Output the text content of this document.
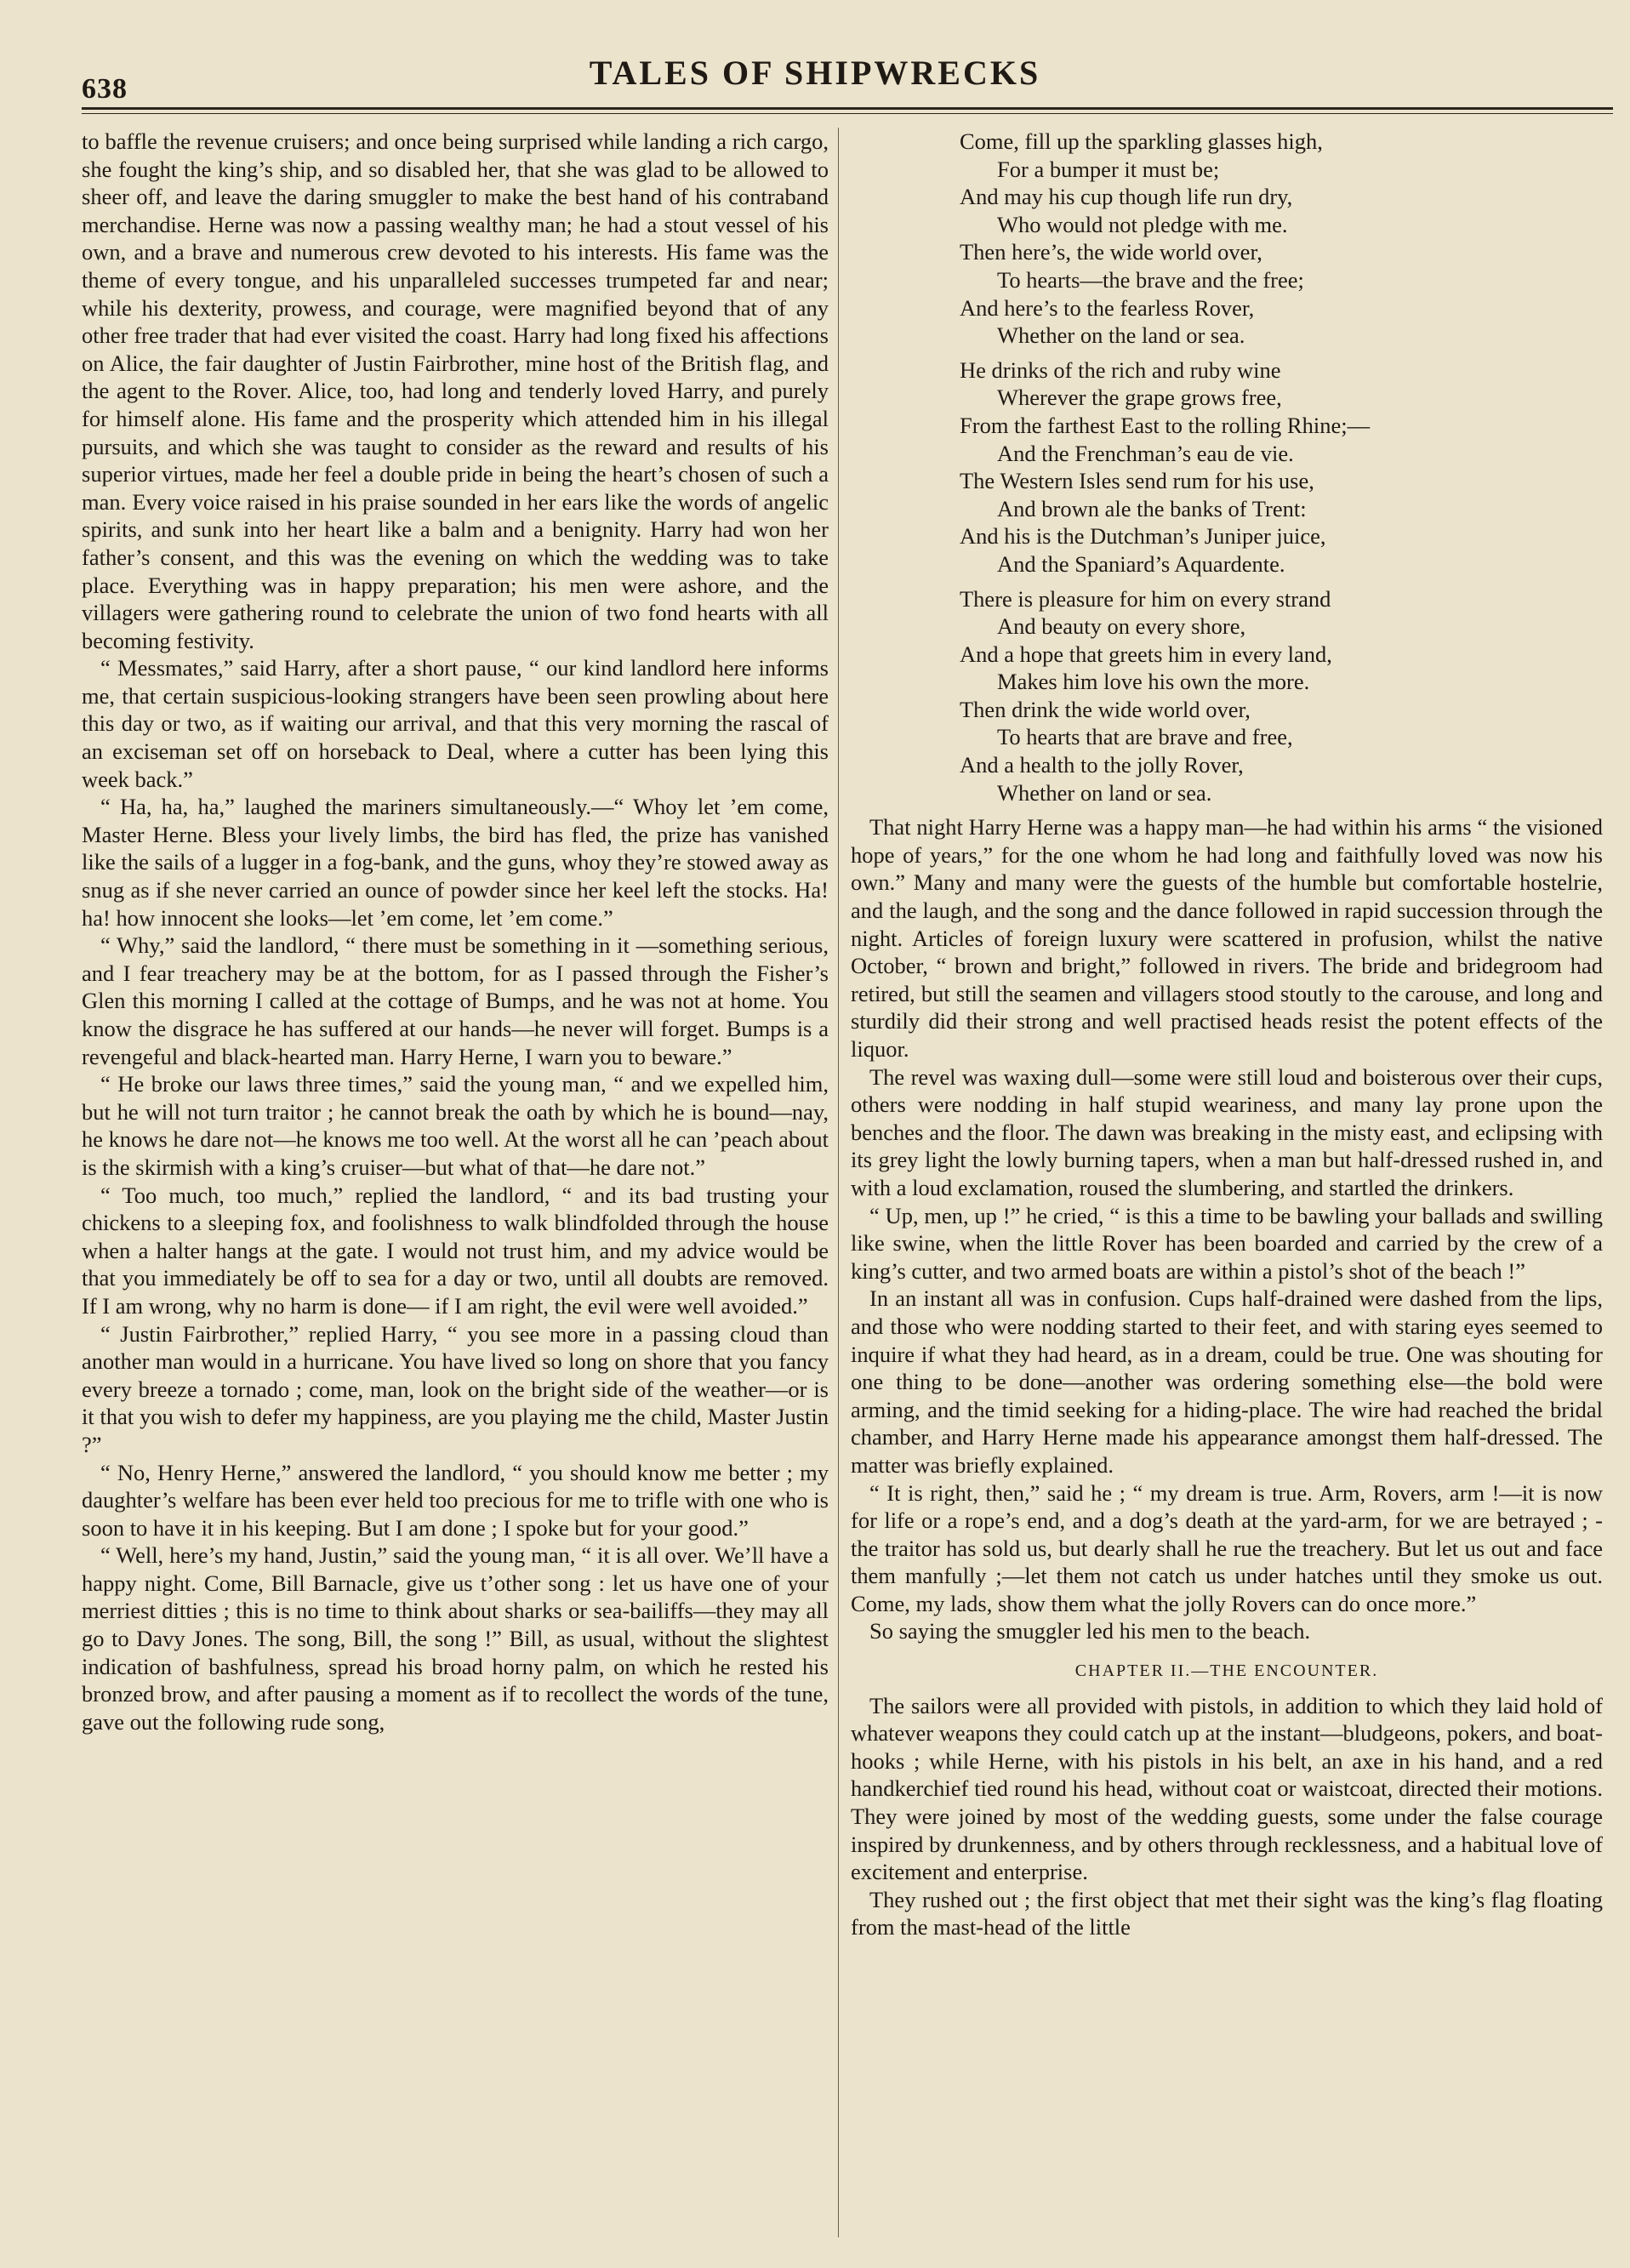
638	TALES OF SHIPWRECKS

to baffle the revenue cruisers; and once being surprised while landing a rich cargo, she fought the king’s ship, and so disabled her, that she was glad to be allowed to sheer off, and leave the daring smuggler to make the best hand of his contraband merchandise. Herne was now a passing wealthy man; he had a stout vessel of his own, and a brave and numerous crew devoted to his interests. His fame was the theme of every tongue, and his unparalleled successes trumpeted far and near; while his dexterity, prowess, and courage, were magnified beyond that of any other free trader that had ever visited the coast. Harry had long fixed his affections on Alice, the fair daughter of Justin Fairbrother, mine host of the British flag, and the agent to the Rover. Alice, too, had long and tenderly loved Harry, and purely for himself alone. His fame and the prosperity which attended him in his illegal pursuits, and which she was taught to consider as the reward and results of his superior virtues, made her feel a double pride in being the heart’s chosen of such a man. Every voice raised in his praise sounded in her ears like the words of angelic spirits, and sunk into her heart like a balm and a benignity. Harry had won her father’s consent, and this was the evening on which the wedding was to take place. Everything was in happy preparation; his men were ashore, and the villagers were gathering round to celebrate the union of two fond hearts with all becoming festivity.

“ Messmates,” said Harry, after a short pause, “ our kind landlord here informs me, that certain suspicious-looking strangers have been seen prowling about here this day or two, as if waiting our arrival, and that this very morning the rascal of an exciseman set off on horseback to Deal, where a cutter has been lying this week back.”

“ Ha, ha, ha,” laughed the mariners simultaneously.—“ Whoy let ’em come, Master Herne. Bless your lively limbs, the bird has fled, the prize has vanished like the sails of a lugger in a fog-bank, and the guns, whoy they’re stowed away as snug as if she never carried an ounce of powder since her keel left the stocks. Ha! ha! how innocent she looks—let ’em come, let ’em come.”

“ Why,” said the landlord, “ there must be something in it —something serious, and I fear treachery may be at the bottom, for as I passed through the Fisher’s Glen this morning I called at the cottage of Bumps, and he was not at home. You know the disgrace he has suffered at our hands—he never will forget. Bumps is a revengeful and black-hearted man. Harry Herne, I warn you to beware.”

“ He broke our laws three times,” said the young man, “ and we expelled him, but he will not turn traitor ; he cannot break the oath by which he is bound—nay, he knows he dare not—he knows me too well. At the worst all he can ’peach about is the skirmish with a king’s cruiser—but what of that—he dare not.”

“ Too much, too much,” replied the landlord, “ and its bad trusting your chickens to a sleeping fox, and foolishness to walk blindfolded through the house when a halter hangs at the gate. I would not trust him, and my advice would be that you immediately be off to sea for a day or two, until all doubts are removed. If I am wrong, why no harm is done— if I am right, the evil were well avoided.”

“ Justin Fairbrother,” replied Harry, “ you see more in a passing cloud than another man would in a hurricane. You have lived so long on shore that you fancy every breeze a tornado ; come, man, look on the bright side of the weather—or is it that you wish to defer my happiness, are you playing me the child, Master Justin ?”

“ No, Henry Herne,” answered the landlord, “ you should know me better ; my daughter’s welfare has been ever held too precious for me to trifle with one who is soon to have it in his keeping. But I am done ; I spoke but for your good.”

“ Well, here’s my hand, Justin,” said the young man, “ it is all over. We’ll have a happy night. Come, Bill Barnacle, give us t’other song : let us have one of your merriest ditties ; this is no time to think about sharks or sea-bailiffs—they may all go to Davy Jones. The song, Bill, the song !” Bill, as usual, without the slightest indication of bashfulness, spread his broad horny palm, on which he rested his bronzed brow, and after pausing a moment as if to recollect the words of the tune, gave out the following rude song,

Come, fill up the sparkling glasses high,
For a bumper it must be;
And may his cup though life run dry,
Who would not pledge with me.
Then here’s, the wide world over,
To hearts—the brave and the free;
And here’s to the fearless Rover,
Whether on the land or sea.
He drinks of the rich and ruby wine
Wherever the grape grows free,
From the farthest East to the rolling Rhine;—
And the Frenchman’s eau de vie.
The Western Isles send rum for his use,
And brown ale the banks of Trent:
And his is the Dutchman’s Juniper juice,
And the Spaniard’s Aquardente.
There is pleasure for him on every strand
And beauty on every shore,
And a hope that greets him in every land,
Makes him love his own the more.
Then drink the wide world over,
To hearts that are brave and free,
And a health to the jolly Rover,
Whether on land or sea.

That night Harry Herne was a happy man—he had within his arms “ the visioned hope of years,” for the one whom he had long and faithfully loved was now his own.” Many and many were the guests of the humble but comfortable hostelrie, and the laugh, and the song and the dance followed in rapid succession through the night. Articles of foreign luxury were scattered in profusion, whilst the native October, “ brown and bright,” followed in rivers. The bride and bridegroom had retired, but still the seamen and villagers stood stoutly to the carouse, and long and sturdily did their strong and well practised heads resist the potent effects of the liquor.

The revel was waxing dull—some were still loud and boisterous over their cups, others were nodding in half stupid weariness, and many lay prone upon the benches and the floor. The dawn was breaking in the misty east, and eclipsing with its grey light the lowly burning tapers, when a man but half-dressed rushed in, and with a loud exclamation, roused the slumbering, and startled the drinkers.

“ Up, men, up !” he cried, “ is this a time to be bawling your ballads and swilling like swine, when the little Rover has been boarded and carried by the crew of a king’s cutter, and two armed boats are within a pistol’s shot of the beach !”

In an instant all was in confusion. Cups half-drained were dashed from the lips, and those who were nodding started to their feet, and with staring eyes seemed to inquire if what they had heard, as in a dream, could be true. One was shouting for one thing to be done—another was ordering something else—the bold were arming, and the timid seeking for a hiding-place. The wire had reached the bridal chamber, and Harry Herne made his appearance amongst them half-dressed. The matter was briefly explained.

“ It is right, then,” said he ; “ my dream is true. Arm, Rovers, arm !—it is now for life or a rope’s end, and a dog’s death at the yard-arm, for we are betrayed ; - the traitor has sold us, but dearly shall he rue the treachery. But let us out and face them manfully ;—let them not catch us under hatches until they smoke us out. Come, my lads, show them what the jolly Rovers can do once more.”

So saying the smuggler led his men to the beach.

CHAPTER II.—THE ENCOUNTER.

The sailors were all provided with pistols, in addition to which they laid hold of whatever weapons they could catch up at the instant—bludgeons, pokers, and boat-hooks ; while Herne, with his pistols in his belt, an axe in his hand, and a red handkerchief tied round his head, without coat or waistcoat, directed their motions. They were joined by most of the wedding guests, some under the false courage inspired by drunkenness, and by others through recklessness, and a habitual love of excitement and enterprise.

They rushed out ; the first object that met their sight was the king’s flag floating from the mast-head of the little
